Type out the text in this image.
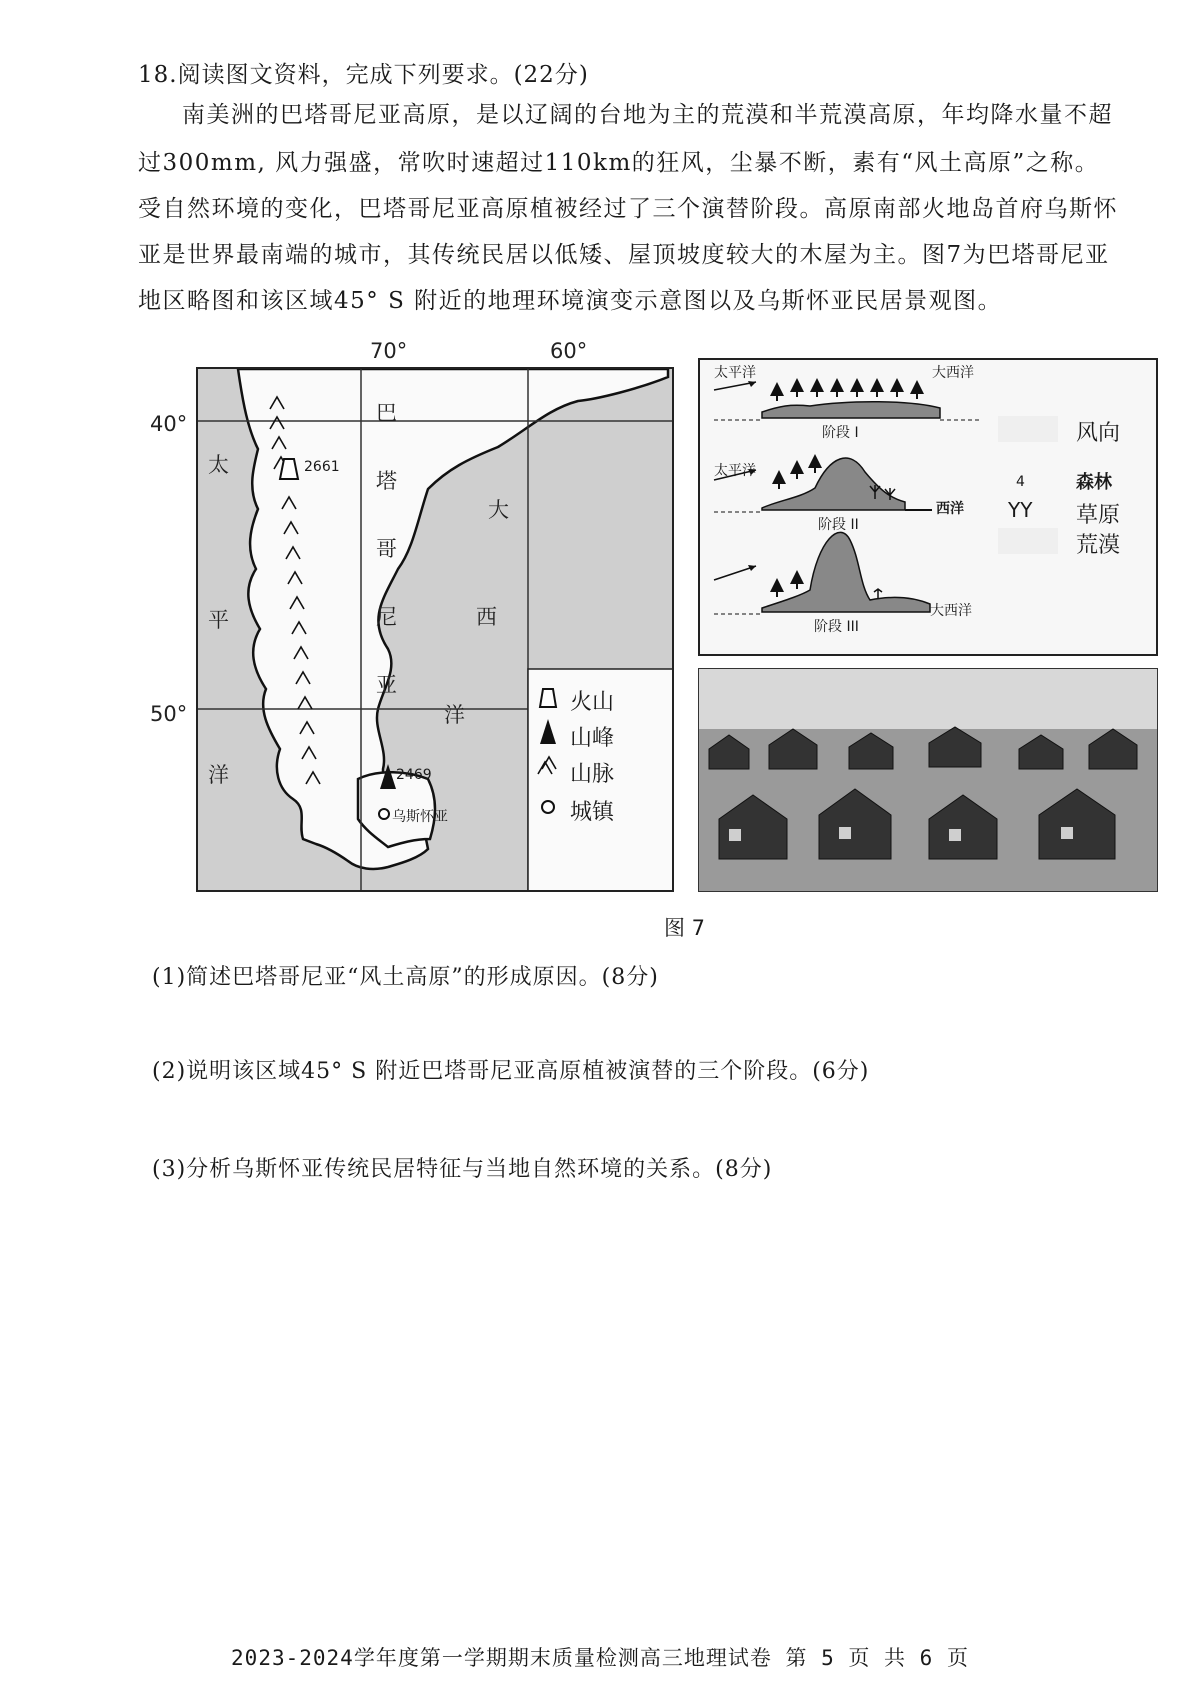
18.阅读图文资料，完成下列要求。(22分)
南美洲的巴塔哥尼亚高原，是以辽阔的台地为主的荒漠和半荒漠高原，年均降水量不超
过300mm, 风力强盛，常吹时速超过110km的狂风，尘暴不断，素有“风土高原”之称。
受自然环境的变化，巴塔哥尼亚高原植被经过了三个演替阶段。高原南部火地岛首府乌斯怀
亚是世界最南端的城市，其传统民居以低矮、屋顶坡度较大的木屋为主。图7为巴塔哥尼亚
地区略图和该区域45° S 附近的地理环境演变示意图以及乌斯怀亚民居景观图。
70°	60°
40°
50°
太
平
洋
巴
塔
哥
尼
亚
大
西
洋
2661
2469
乌斯怀亚
火山
山峰
山脉
城镇
太平洋	大西洋
阶段 I
太平洋
西洋
阶段 II
大西洋
阶段 III
风向
4	森林
YY 草原
荒漠
图 7
(1)简述巴塔哥尼亚“风土高原”的形成原因。(8分)
(2)说明该区域45° S 附近巴塔哥尼亚高原植被演替的三个阶段。(6分)
(3)分析乌斯怀亚传统民居特征与当地自然环境的关系。(8分)
2023-2024学年度第一学期期末质量检测高三地理试卷 第 5 页 共 6 页
